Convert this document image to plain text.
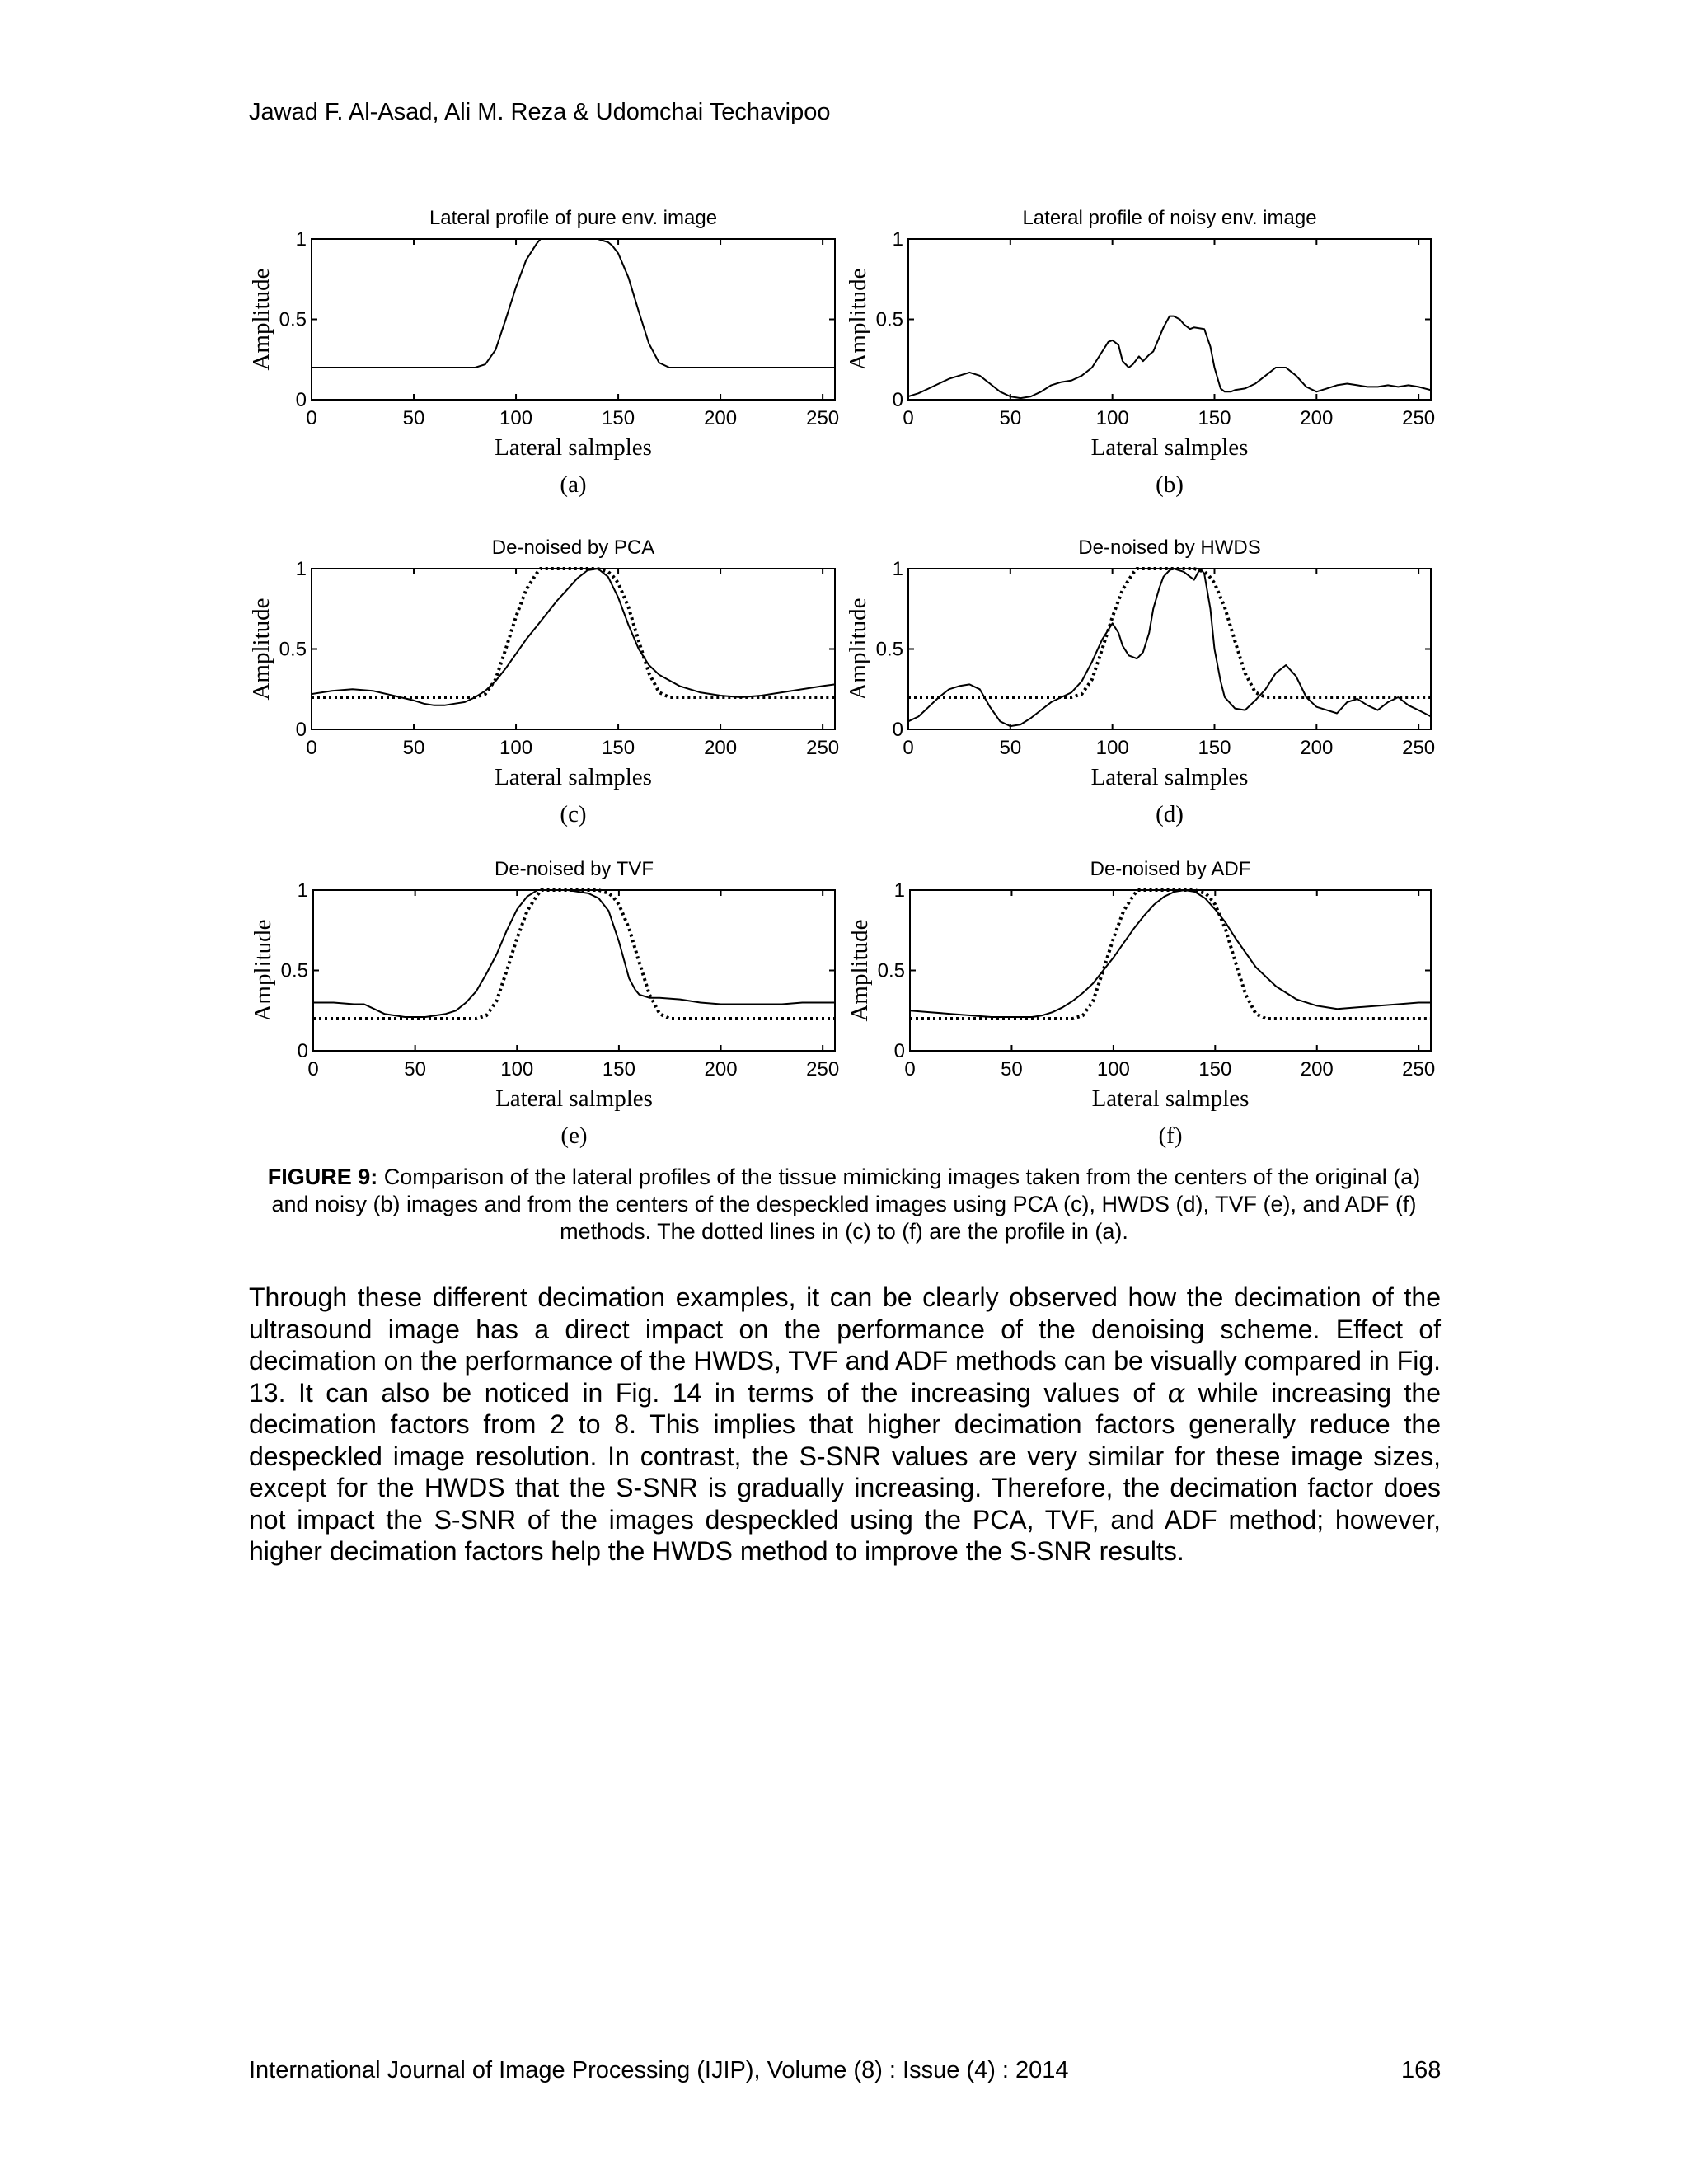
Jawad F. Al-Asad, Ali M. Reza & Udomchai Techavipoo
Lateral profile of pure env. image
0	50	100	150	200	250
0
0.5
1
Lateral salmples
Amplitude
(a)
Lateral profile of noisy env. image
0	50	100	150	200	250
0
0.5
1
Lateral salmples
Amplitude
(b)
De-noised by PCA
0	50	100	150	200	250
0
0.5
1
Lateral salmples
Amplitude
(c)
De-noised by HWDS
0	50	100	150	200	250
0
0.5
1
Lateral salmples
Amplitude
(d)
De-noised by TVF
0	50	100	150	200	250
0
0.5
1
Lateral salmples
Amplitude
(e)
De-noised by ADF
0	50	100	150	200	250
0
0.5
1
Lateral salmples
Amplitude
(f)
FIGURE 9: Comparison of the lateral profiles of the tissue mimicking images taken from the centers of the original (a) and noisy (b) images and from the centers of the despeckled images using PCA (c), HWDS (d), TVF (e), and ADF (f) methods. The dotted lines in (c) to (f) are the profile in (a).
Through these different decimation examples, it can be clearly observed how the decimation of the ultrasound image has a direct impact on the performance of the denoising scheme. Effect of decimation on the performance of the HWDS, TVF and ADF methods can be visually compared in Fig. 13. It can also be noticed in Fig. 14 in terms of the increasing values of α while increasing the decimation factors from 2 to 8. This implies that higher decimation factors generally reduce the despeckled image resolution. In contrast, the S-SNR values are very similar for these image sizes, except for the HWDS that the S-SNR is gradually increasing. Therefore, the decimation factor does not impact the S-SNR of the images despeckled using the PCA, TVF, and ADF method; however, higher decimation factors help the HWDS method to improve the S-SNR results.
International Journal of Image Processing (IJIP), Volume (8) : Issue (4) : 2014	168
